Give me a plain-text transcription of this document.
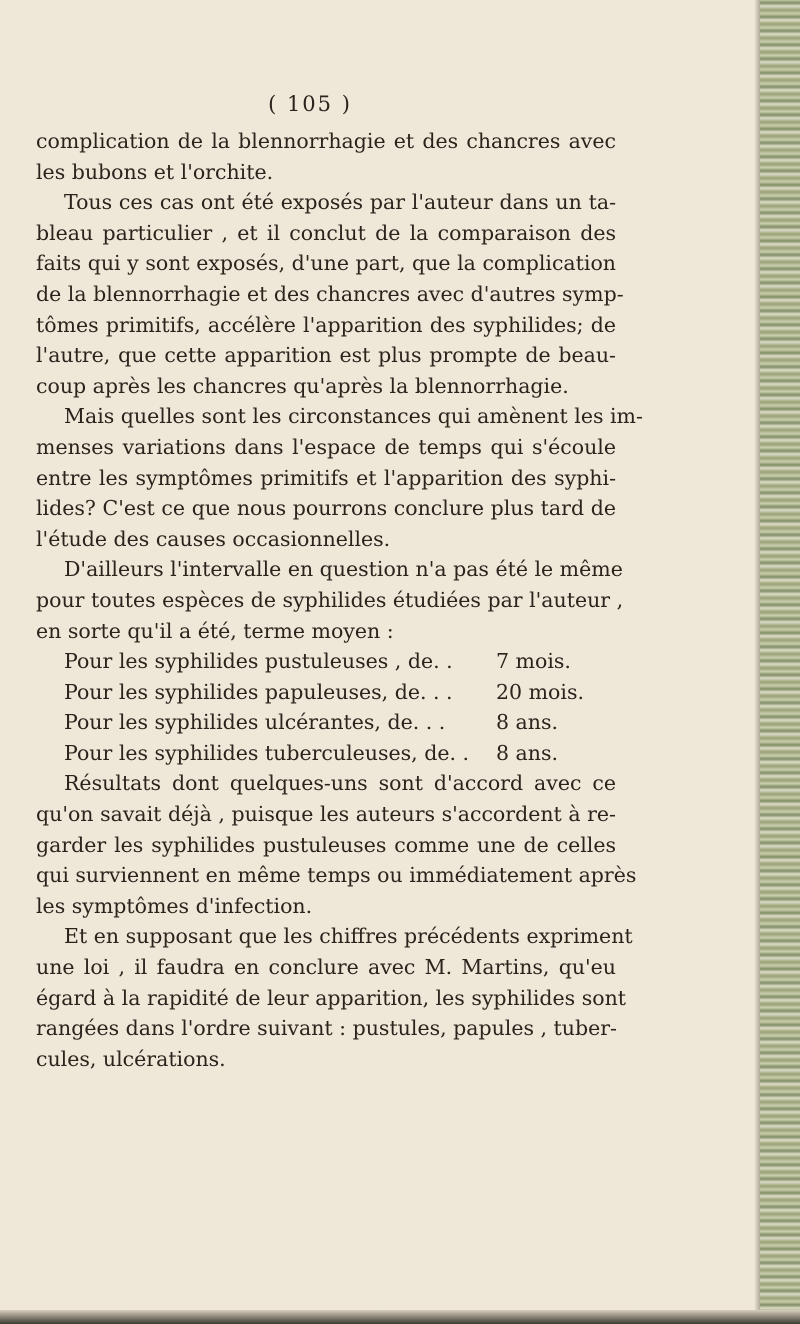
( 105 )
complication de la blennorrhagie et des chancres avec
les bubons et l'orchite.
Tous ces cas ont été exposés par l'auteur dans un ta-
bleau particulier , et il conclut de la comparaison des
faits qui y sont exposés, d'une part, que la complication
de la blennorrhagie et des chancres avec d'autres symp-
tômes primitifs, accélère l'apparition des syphilides; de
l'autre, que cette apparition est plus prompte de beau-
coup après les chancres qu'après la blennorrhagie.
Mais quelles sont les circonstances qui amènent les im-
menses variations dans l'espace de temps qui s'écoule
entre les symptômes primitifs et l'apparition des syphi-
lides? C'est ce que nous pourrons conclure plus tard de
l'étude des causes occasionnelles.
D'ailleurs l'intervalle en question n'a pas été le même
pour toutes espèces de syphilides étudiées par l'auteur ,
en sorte qu'il a été, terme moyen :
Pour les syphilides pustuleuses , de. .	7 mois.
Pour les syphilides papuleuses, de. . .	20 mois.
Pour les syphilides ulcérantes, de. . .	8 ans.
Pour les syphilides tuberculeuses, de. .	8 ans.
Résultats dont quelques-uns sont d'accord avec ce
qu'on savait déjà , puisque les auteurs s'accordent à re-
garder les syphilides pustuleuses comme une de celles
qui surviennent en même temps ou immédiatement après
les symptômes d'infection.
Et en supposant que les chiffres précédents expriment
une loi , il faudra en conclure avec M. Martins, qu'eu
égard à la rapidité de leur apparition, les syphilides sont
rangées dans l'ordre suivant : pustules, papules , tuber-
cules, ulcérations.
